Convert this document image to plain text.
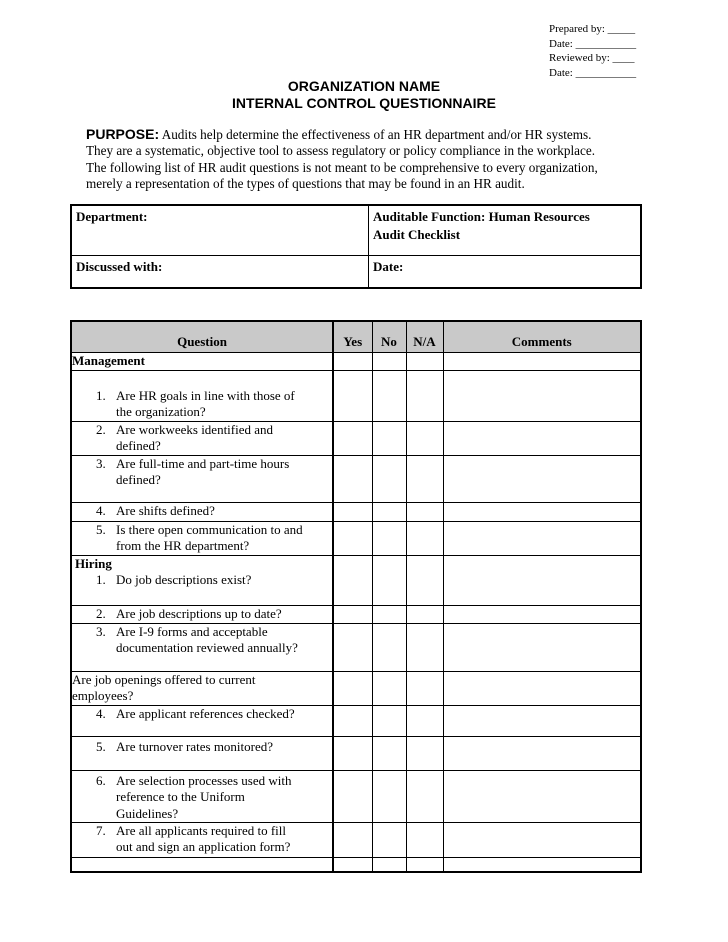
Prepared by: _____
Date: ___________
Reviewed by: ____
Date: ___________
ORGANIZATION NAME
INTERNAL CONTROL QUESTIONNAIRE
PURPOSE: Audits help determine the effectiveness of an HR department and/or HR systems.
They are a systematic, objective tool to assess regulatory or policy compliance in the workplace.
The following list of HR audit questions is not meant to be comprehensive to every organization,
merely a representation of the types of questions that may be found in an HR audit.
Department:	Auditable Function: Human Resources
Audit Checklist

Discussed with:	Date:
Question	Yes	No	N/A	Comments
Management				

1. Are HR goals in line with those of
the organization?				

2. Are workweeks identified and
defined?				

3. Are full-time and part-time hours
defined?				

4. Are shifts defined?				

5. Is there open communication to and
from the HR department?				

Hiring
1. Do job descriptions exist?				

2. Are job descriptions up to date?				

3. Are I-9 forms and acceptable
documentation reviewed annually?				

Are job openings offered to current
employees?				

4. Are applicant references checked?				

5. Are turnover rates monitored?				

6. Are selection processes used with
reference to the Uniform
Guidelines?				

7. Are all applicants required to fill
out and sign an application form?				
